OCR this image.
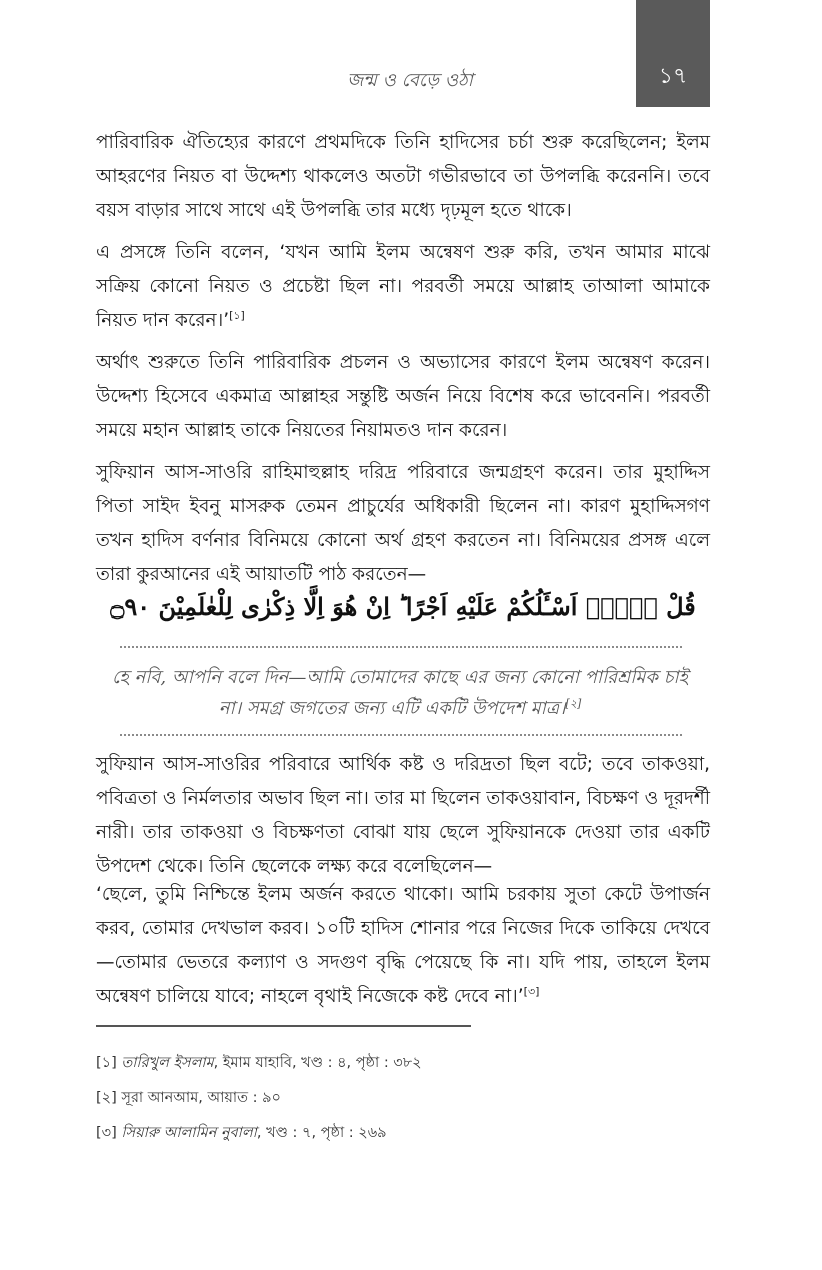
১৭
জন্ম ও বেড়ে ওঠা

পারিবারিক ঐতিহ্যের কারণে প্রথমদিকে তিনি হাদিসের চর্চা শুরু করেছিলেন; ইলম আহরণের নিয়ত বা উদ্দেশ্য থাকলেও অতটা গভীরভাবে তা উপলব্ধি করেননি। তবে বয়স বাড়ার সাথে সাথে এই উপলব্ধি তার মধ্যে দৃঢ়মূল হতে থাকে।

এ প্রসঙ্গে তিনি বলেন, ‘যখন আমি ইলম অন্বেষণ শুরু করি, তখন আমার মাঝে সক্রিয় কোনো নিয়ত ও প্রচেষ্টা ছিল না। পরবর্তী সময়ে আল্লাহ তাআলা আমাকে নিয়ত দান করেন।’[১]

অর্থাৎ শুরুতে তিনি পারিবারিক প্রচলন ও অভ্যাসের কারণে ইলম অন্বেষণ করেন। উদ্দেশ্য হিসেবে একমাত্র আল্লাহর সন্তুষ্টি অর্জন নিয়ে বিশেষ করে ভাবেননি। পরবর্তী সময়ে মহান আল্লাহ তাকে নিয়তের নিয়ামতও দান করেন।

সুফিয়ান আস-সাওরি রাহিমাহুল্লাহ দরিদ্র পরিবারে জন্মগ্রহণ করেন। তার মুহাদ্দিস পিতা সাইদ ইবনু মাসরুক তেমন প্রাচুর্যের অধিকারী ছিলেন না। কারণ মুহাদ্দিসগণ তখন হাদিস বর্ণনার বিনিময়ে কোনো অর্থ গ্রহণ করতেন না। বিনিময়ের প্রসঙ্গ এলে তারা কুরআনের এই আয়াতটি পাঠ করতেন—

قُلْ لَّاۤ اَسْـَٔلُكُمْ عَلَيْهِ اَجْرًا ؕ اِنْ هُوَ اِلَّا ذِكْرٰى لِلْعٰلَمِيْنَ ۝٩٠

হে নবি, আপনি বলে দিন—আমি তোমাদের কাছে এর জন্য কোনো পারিশ্রমিক চাই না। সমগ্র জগতের জন্য এটি একটি উপদেশ মাত্র।[২]

সুফিয়ান আস-সাওরির পরিবারে আর্থিক কষ্ট ও দরিদ্রতা ছিল বটে; তবে তাকওয়া, পবিত্রতা ও নির্মলতার অভাব ছিল না। তার মা ছিলেন তাকওয়াবান, বিচক্ষণ ও দূরদর্শী নারী। তার তাকওয়া ও বিচক্ষণতা বোঝা যায় ছেলে সুফিয়ানকে দেওয়া তার একটি উপদেশ থেকে। তিনি ছেলেকে লক্ষ্য করে বলেছিলেন—

‘ছেলে, তুমি নিশ্চিন্তে ইলম অর্জন করতে থাকো। আমি চরকায় সুতা কেটে উপার্জন করব, তোমার দেখভাল করব। ১০টি হাদিস শোনার পরে নিজের দিকে তাকিয়ে দেখবে—তোমার ভেতরে কল্যাণ ও সদগুণ বৃদ্ধি পেয়েছে কি না। যদি পায়, তাহলে ইলম অন্বেষণ চালিয়ে যাবে; নাহলে বৃথাই নিজেকে কষ্ট দেবে না।’[৩]

[১] তারিখুল ইসলাম, ইমাম যাহাবি, খণ্ড : ৪, পৃষ্ঠা : ৩৮২

[২] সূরা আনআম, আয়াত : ৯০

[৩] সিয়ারু আলামিন নুবালা, খণ্ড : ৭, পৃষ্ঠা : ২৬৯
